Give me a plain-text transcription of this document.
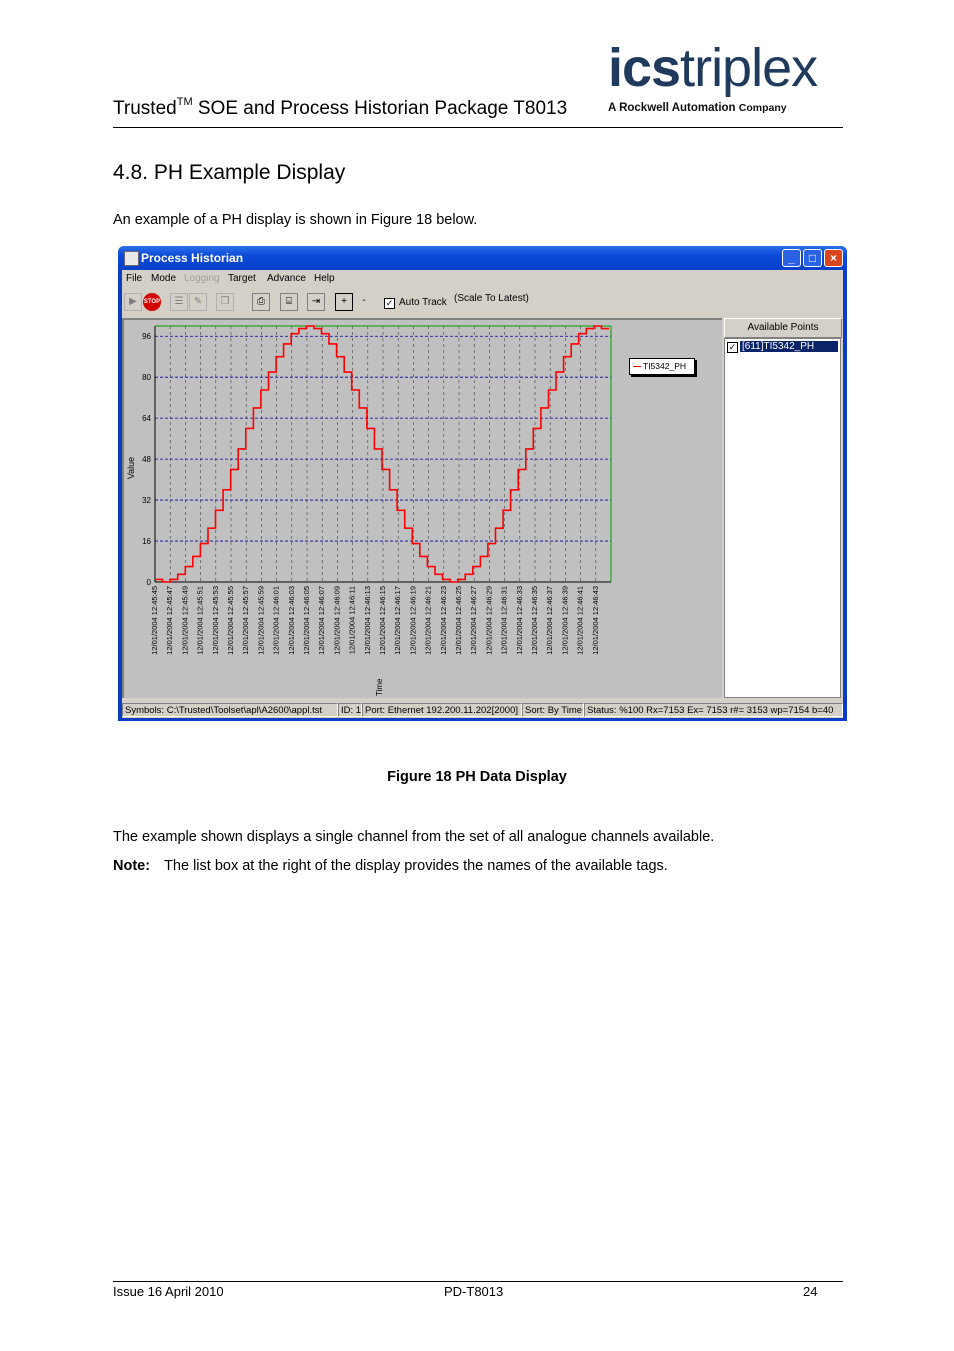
Trusted™ SOE and Process Historian Package T8013
icstriplex
A Rockwell Automation Company
4.8. PH Example Display
An example of a PH display is shown in Figure 18 below.
Process Historian	_	□	×
File Mode Logging Target Advance Help
▶	STOP	☰	✎	❐	⎙	⌸	⇥	+	-	✓ Auto Track (Scale To Latest)
0
16
32
48
64
80
96
12/01/2004 12:45:45 12/01/2004 12:45:47 12/01/2004 12:45:49 12/01/2004 12:45:51 12/01/2004 12:45:53 12/01/2004 12:45:55 12/01/2004 12:45:57 12/01/2004 12:45:59 12/01/2004 12:46:01 12/01/2004 12:46:03 12/01/2004 12:46:05 12/01/2004 12:46:07 12/01/2004 12:46:09 12/01/2004 12:46:11 12/01/2004 12:46:13 12/01/2004 12:46:15 12/01/2004 12:46:17 12/01/2004 12:46:19 12/01/2004 12:46:21 12/01/2004 12:46:23 12/01/2004 12:46:25 12/01/2004 12:46:27 12/01/2004 12:46:29 12/01/2004 12:46:31 12/01/2004 12:46:33 12/01/2004 12:46:35 12/01/2004 12:46:37 12/01/2004 12:46:39 12/01/2004 12:46:41 12/01/2004 12:46:43
Value
Time
TI5342_PH
Available Points
✓ [611]TI5342_PH
Symbols: C:\Trusted\Toolset\apl\A2600\appl.tst	ID: 1 Port: Ethernet 192.200.11.202[2000] Sort: By Time Status: %100 Rx=7153 Ex= 7153 r#= 3153 wp=7154 b=40
Figure 18 PH Data Display
The example shown displays a single channel from the set of all analogue channels available.
Note: The list box at the right of the display provides the names of the available tags.
Issue 16 April 2010	PD-T8013	24
